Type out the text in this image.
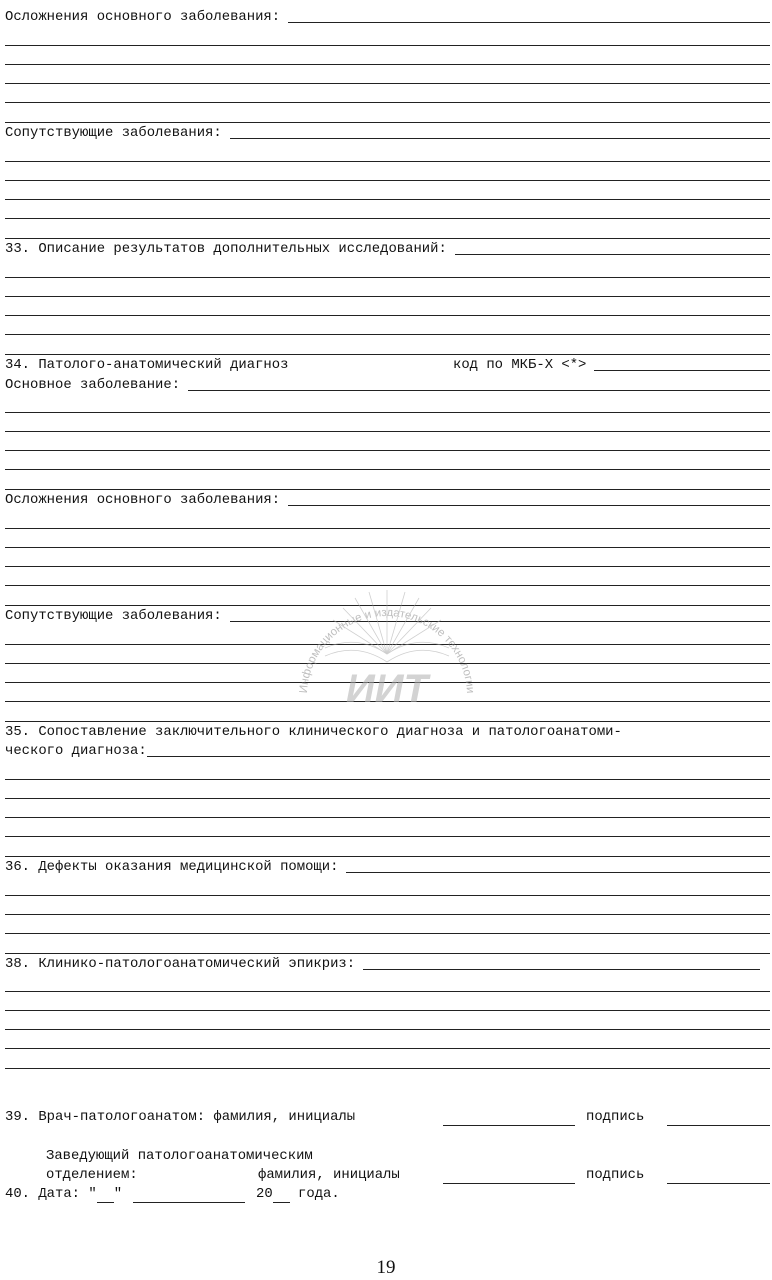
Осложнения основного заболевания:
Сопутствующие заболевания:
33. Описание результатов дополнительных исследований:
34. Патолого-анатомический диагноз	код по МКБ-X <*>
Основное заболевание:
Осложнения основного заболевания:
Сопутствующие заболевания:
35. Сопоставление заключительного клинического диагноза и патологоанатоми-
ческого диагноза:
36. Дефекты оказания медицинской помощи:
38. Клинико-патологоанатомический эпикриз:
39. Врач-патологоанатом: фамилия, инициалы	подпись
Заведующий патологоанатомическим
отделением:	фамилия, инициалы	подпись
40. Дата: " "	20 года.
Информационные и издательские технологии
ИИТ
19
